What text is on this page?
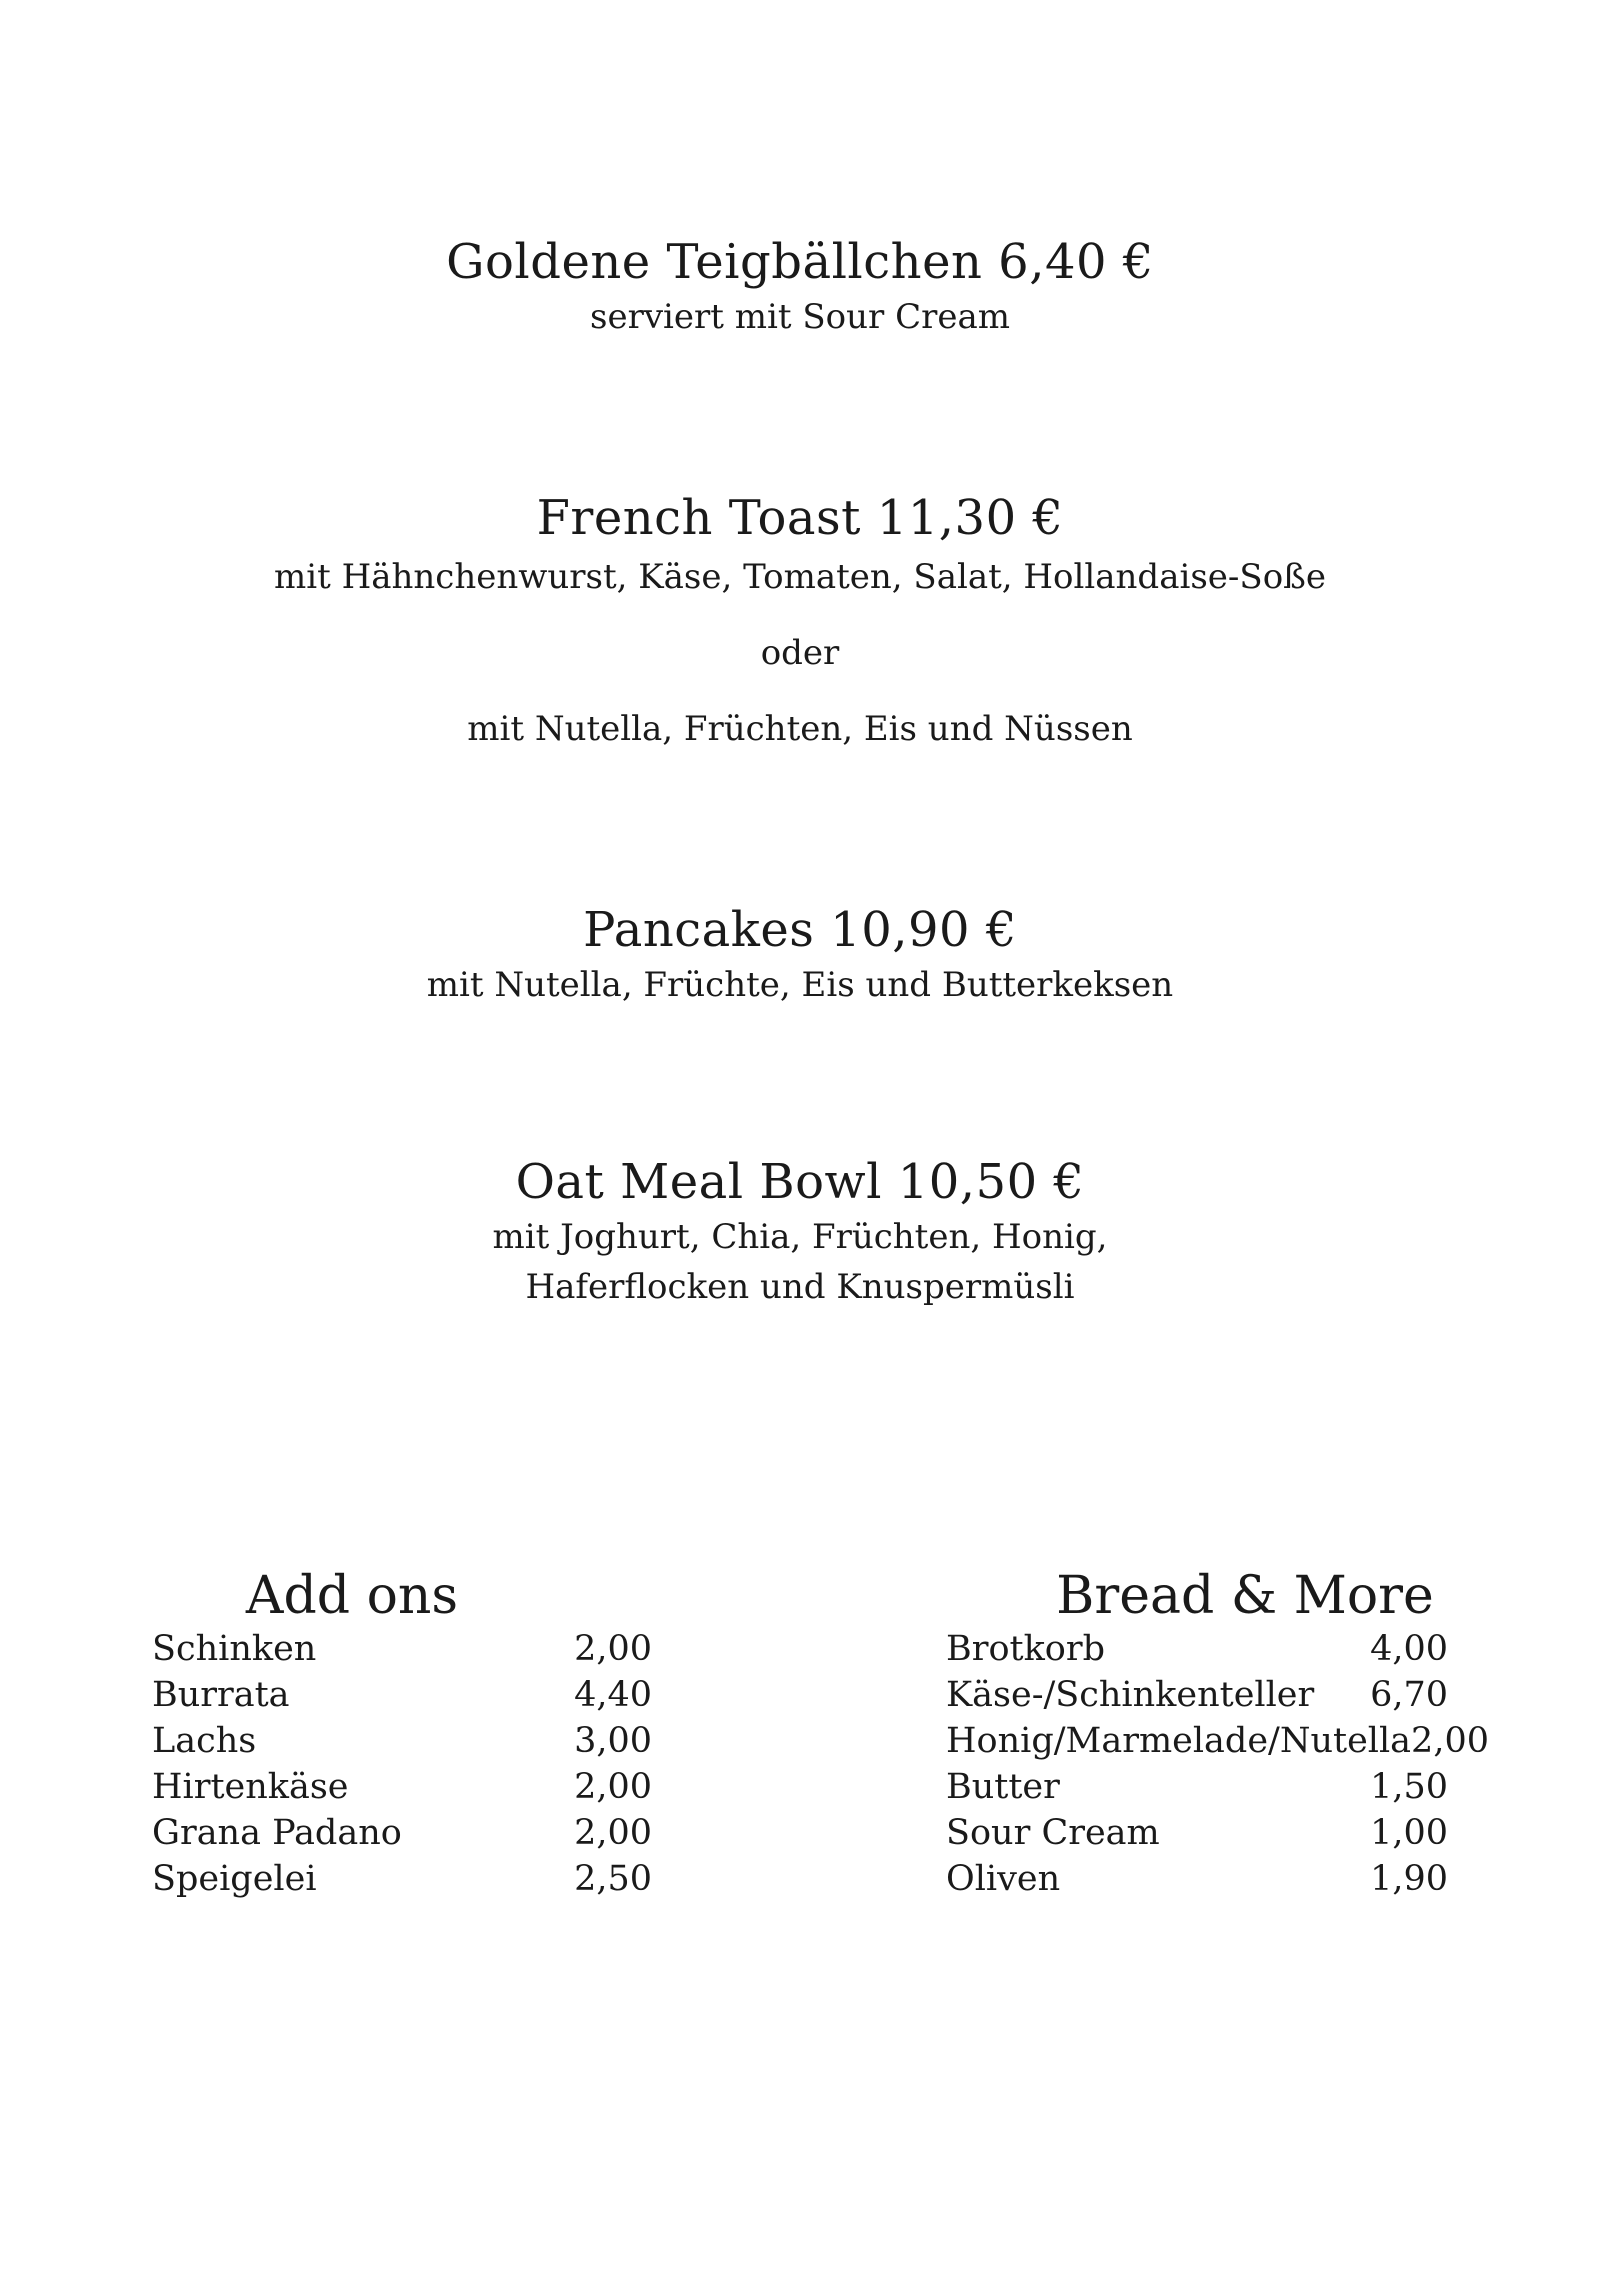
Goldene Teigbällchen 6,40 €
serviert mit Sour Cream
French Toast 11,30 €
mit Hähnchenwurst, Käse, Tomaten, Salat, Hollandaise-Soße
oder
mit Nutella, Früchten, Eis und Nüssen
Pancakes 10,90 €
mit Nutella, Früchte, Eis und Butterkeksen
Oat Meal Bowl 10,50 €
mit Joghurt, Chia, Früchten, Honig,
Haferflocken und Knuspermüsli
Add ons
Schinken	2,00
Burrata	4,40
Lachs	3,00
Hirtenkäse	2,00
Grana Padano	2,00
Speigelei	2,50
Bread & More
Brotkorb	4,00
Käse-/Schinkenteller 6,70
Honig/Marmelade/Nutella 2,00
Butter	1,50
Sour Cream	1,00
Oliven	1,90
